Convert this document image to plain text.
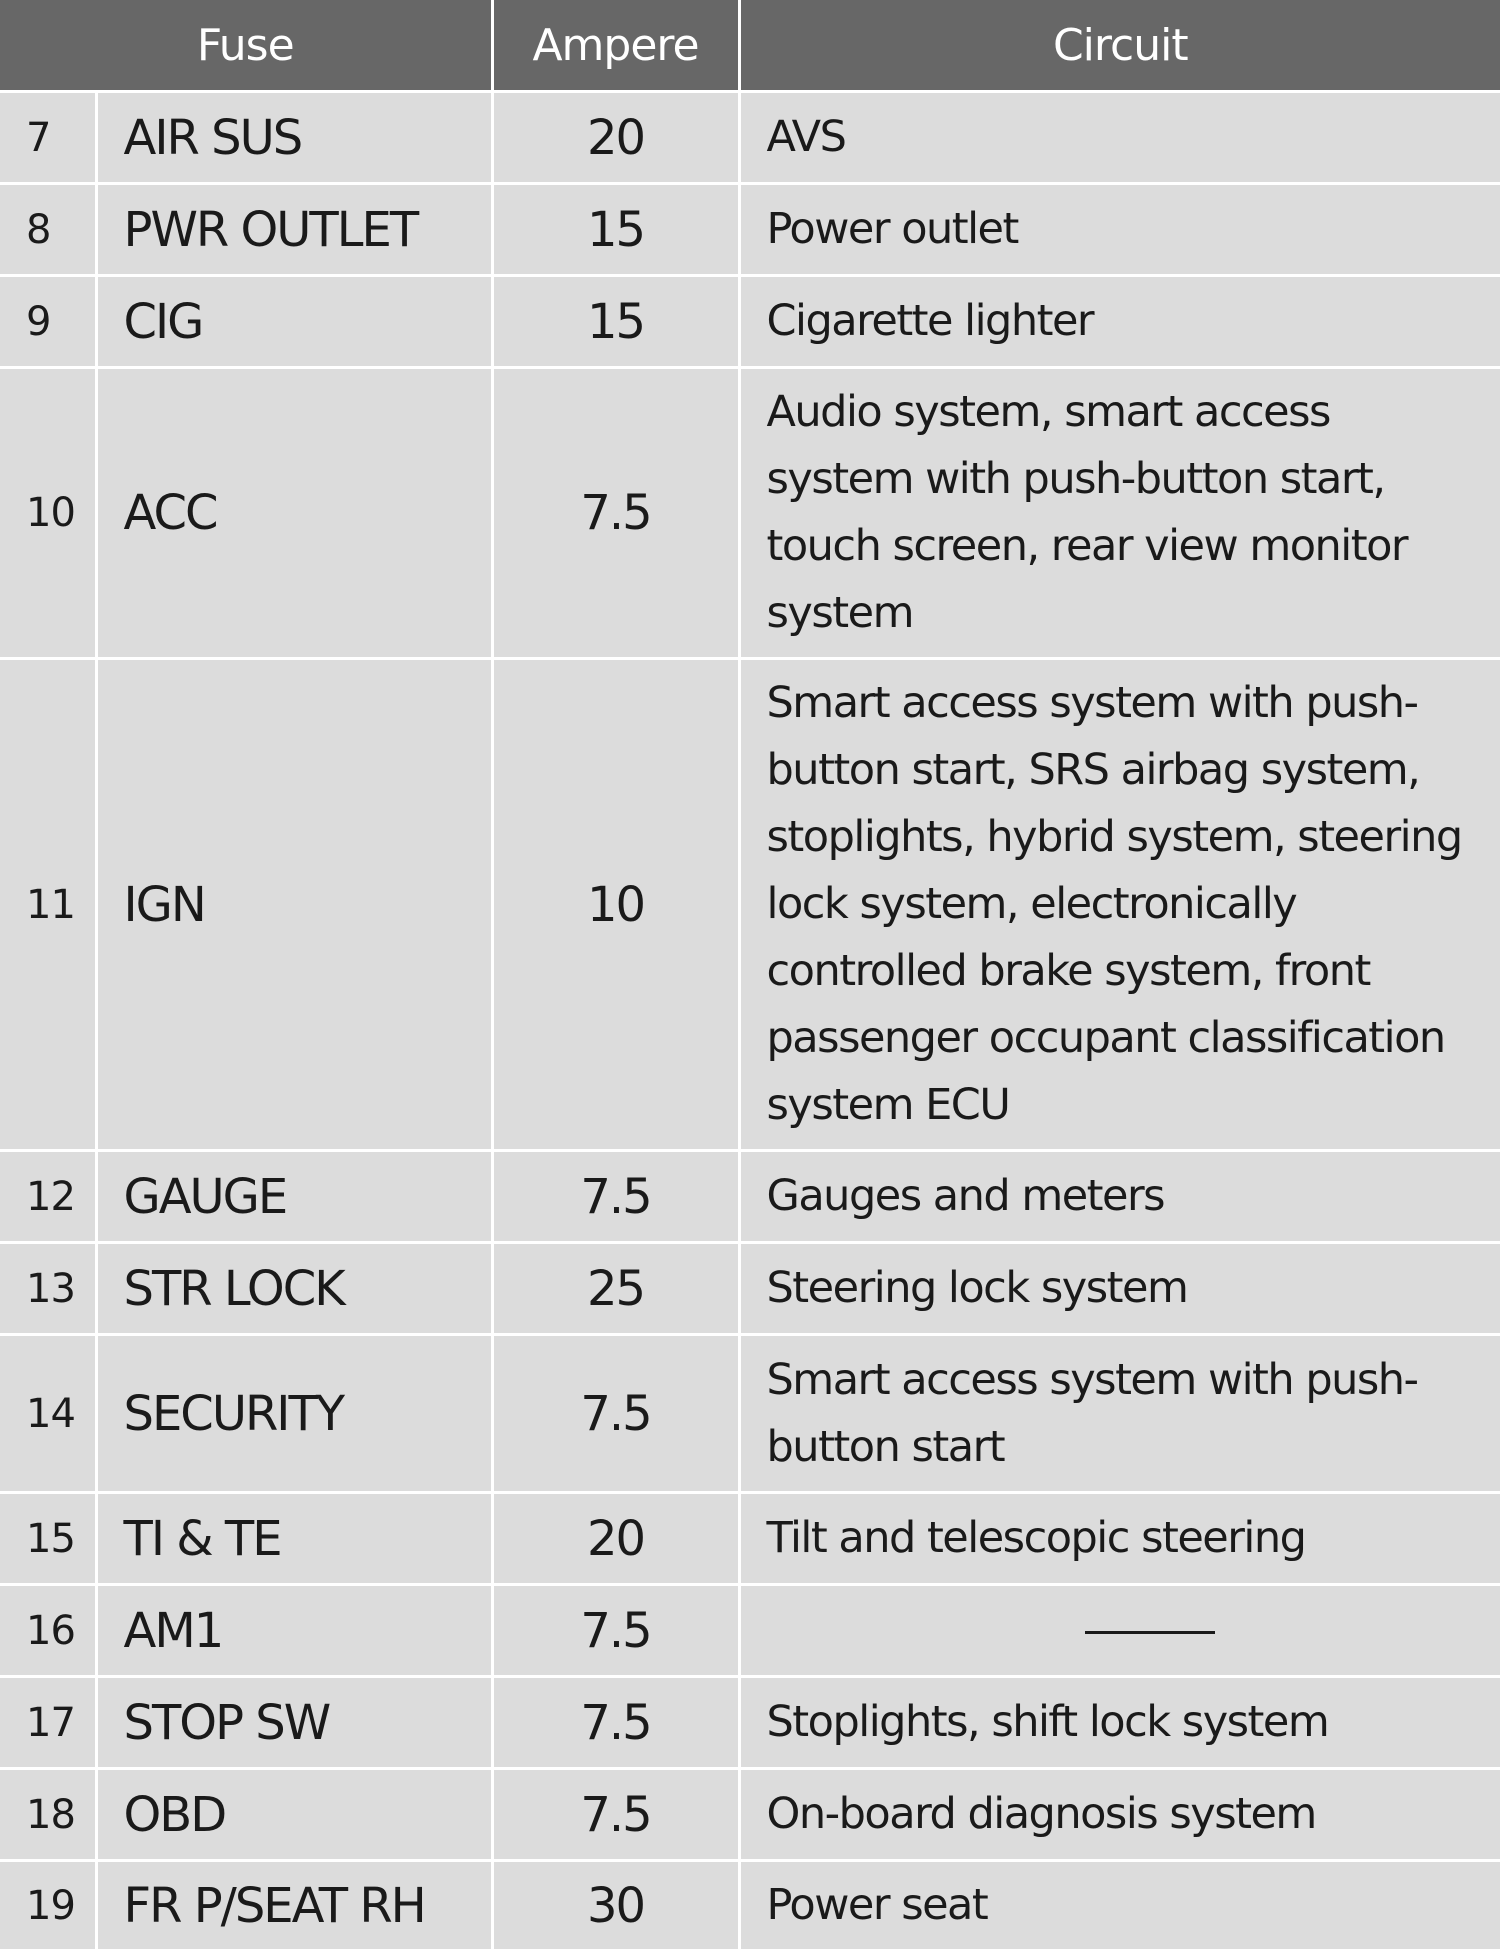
Fuse		Ampere	Circuit
7	AIR SUS	20	AVS
8	PWR OUTLET	15	Power outlet
9	CIG	15	Cigarette lighter
10	ACC	7.5	Audio system, smart access system with push-button start, touch screen, rear view monitor system
11	IGN	10	Smart access system with push-button start, SRS airbag system, stoplights, hybrid system, steering lock system, electronically controlled brake system, front passenger occupant classification system ECU
12	GAUGE	7.5	Gauges and meters
13	STR LOCK	25	Steering lock system
14	SECURITY	7.5	Smart access system with push-button start
15	TI & TE	20	Tilt and telescopic steering
16	AM1	7.5	

17	STOP SW	7.5	Stoplights, shift lock system
18	OBD	7.5	On-board diagnosis system
19	FR P/SEAT RH	30	Power seat
